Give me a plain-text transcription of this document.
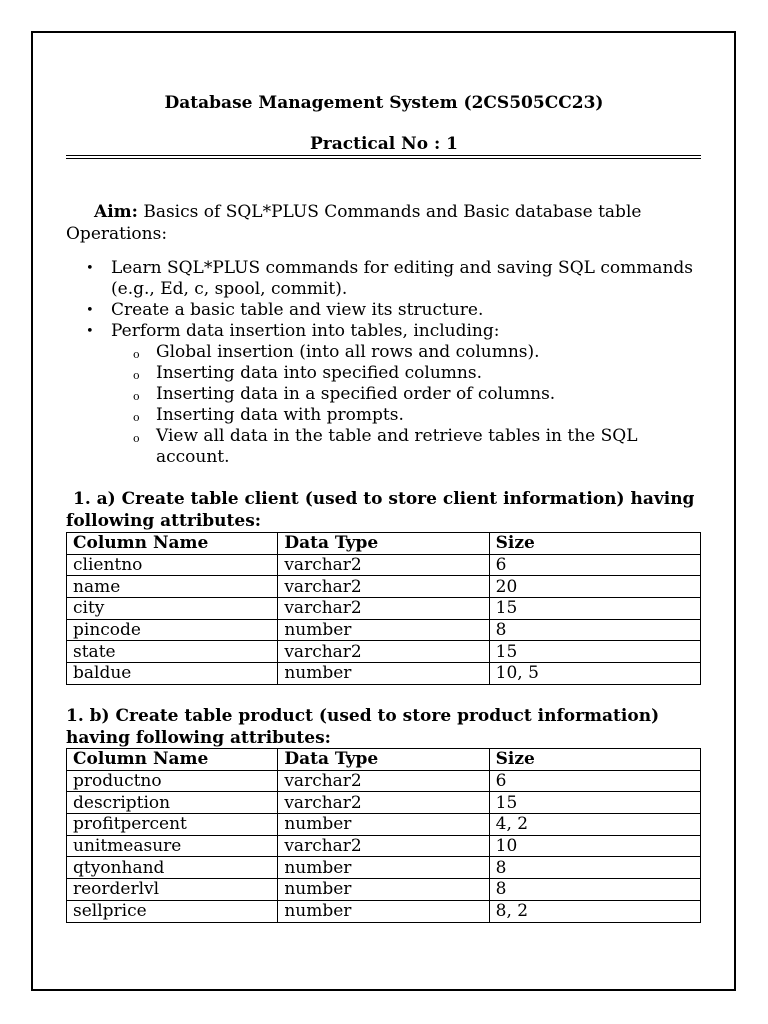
Database Management System (2CS505CC23)
Practical No : 1

Aim: Basics of SQL*PLUS Commands and Basic database table Operations:

• Learn SQL*PLUS commands for editing and saving SQL commands (e.g., Ed, c, spool, commit).
• Create a basic table and view its structure.
• Perform data insertion into tables, including:
o Global insertion (into all rows and columns).
o Inserting data into specified columns.
o Inserting data in a specified order of columns.
o Inserting data with prompts.
o View all data in the table and retrieve tables in the SQL account.

1. a) Create table client (used to store client information) having following attributes:

Column Name	Data Type	Size
clientno	varchar2	6
name	varchar2	20
city	varchar2	15
pincode	number	8
state	varchar2	15
baldue	number	10, 5

1. b) Create table product (used to store product information) having following attributes:

Column Name	Data Type	Size
productno	varchar2	6
description	varchar2	15
profitpercent	number	4, 2
unitmeasure	varchar2	10
qtyonhand	number	8
reorderlvl	number	8
sellprice	number	8, 2
